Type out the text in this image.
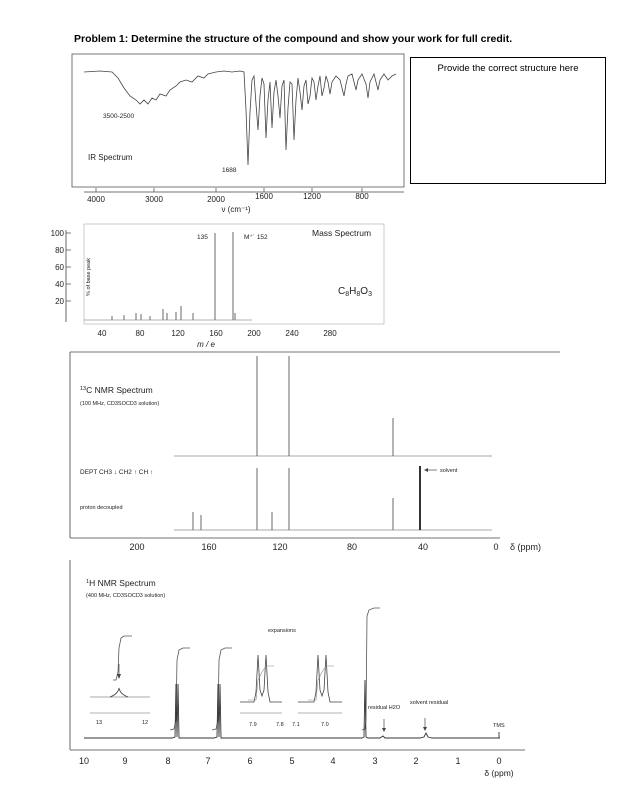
Problem 1: Determine the structure of the compound and show your work for full credit.
Provide the correct structure here
3500-2500
IR Spectrum
1688
4000	3000	2000	1600	1200	800
ν (cm⁻¹)
100
80
60
40
20
% of base peak
135	M⁺˙ 152	Mass Spectrum
$C_8H_8O_3$
40	80	120	160	200	240	280
m / e
$^{13}$C NMR Spectrum
(100 MHz, CD3SOCD3 solution)
DEPT CH3 ↓ CH2 ↑ CH ↑
proton decoupled
solvent
200	160	120	80	40	0 δ (ppm)
$^1$H NMR Spectrum
(400 MHz, CD3SOCD3 solution)
expansions
13	12	7.9	7.8 7.1	7.0
residual H2O
solvent residual
TMS
10	9	8	7	6	5	4	3	2	1	0
δ (ppm)
